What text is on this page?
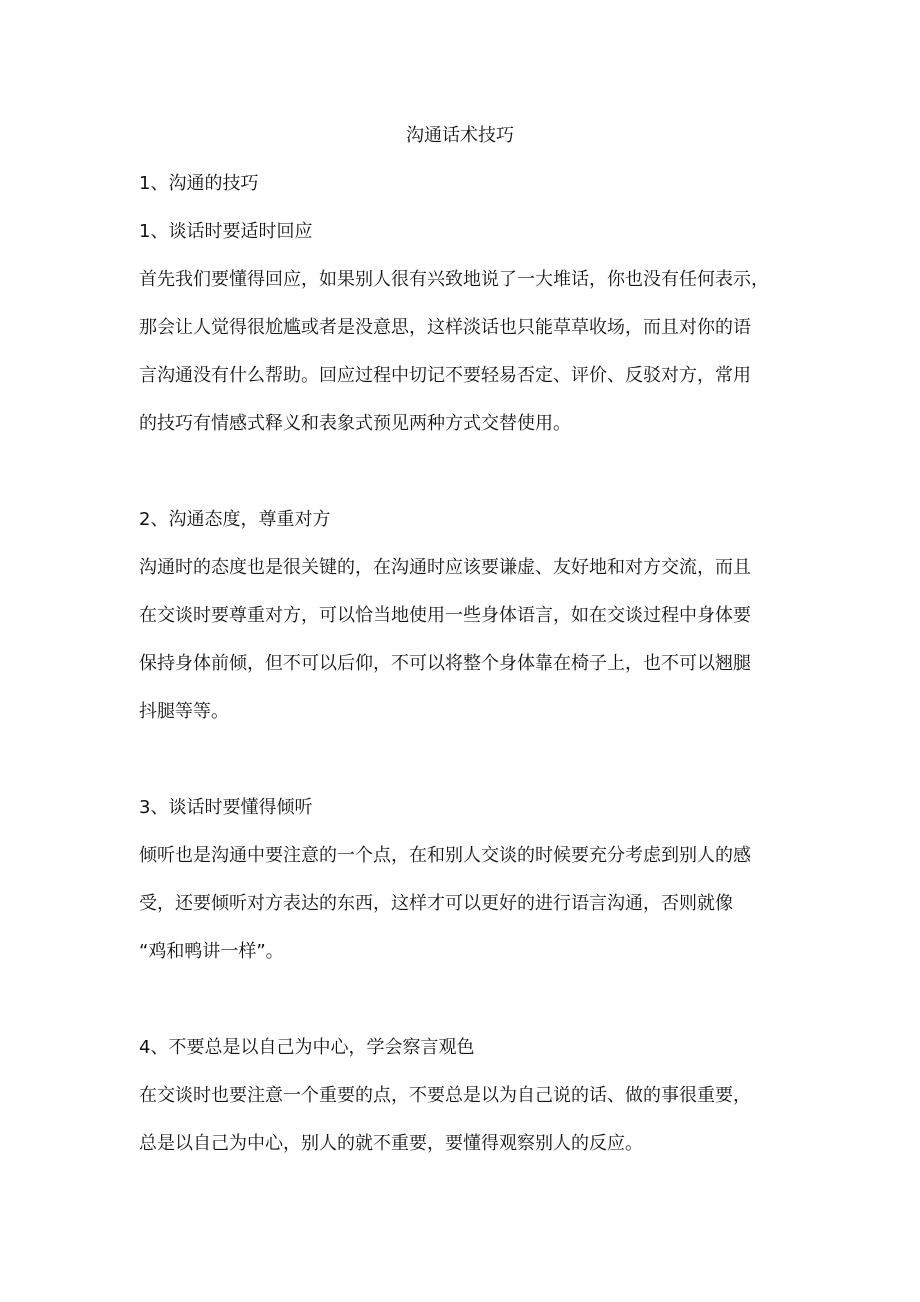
沟通话术技巧
1、沟通的技巧
1、谈话时要适时回应
首先我们要懂得回应，如果别人很有兴致地说了一大堆话，你也没有任何表示，
那会让人觉得很尬尴或者是没意思，这样淡话也只能草草收场，而且对你的语
言沟通没有什么帮助。回应过程中切记不要轻易否定、评价、反驳对方，常用
的技巧有情感式释义和表象式预见两种方式交替使用。
2、沟通态度，尊重对方
沟通时的态度也是很关键的，在沟通时应该要谦虚、友好地和对方交流，而且
在交谈时要尊重对方，可以恰当地使用一些身体语言，如在交谈过程中身体要
保持身体前倾，但不可以后仰，不可以将整个身体靠在椅子上，也不可以翘腿
抖腿等等。
3、谈话时要懂得倾听
倾听也是沟通中要注意的一个点，在和别人交谈的时候要充分考虑到别人的感
受，还要倾听对方表达的东西，这样才可以更好的进行语言沟通，否则就像
“鸡和鸭讲一样”。
4、不要总是以自己为中心，学会察言观色
在交谈时也要注意一个重要的点，不要总是以为自己说的话、做的事很重要，
总是以自己为中心，别人的就不重要，要懂得观察别人的反应。
